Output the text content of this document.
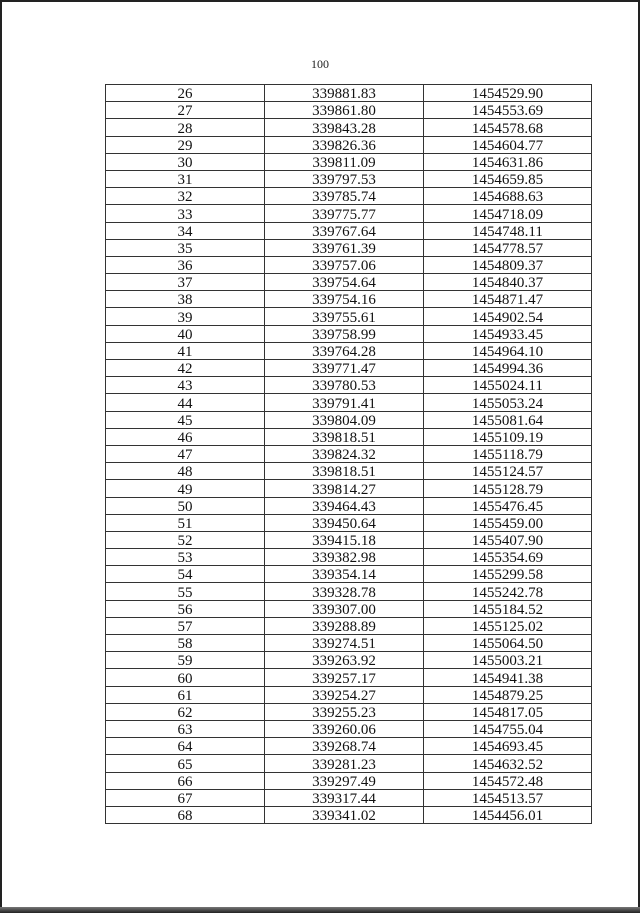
100
26	339881.83	1454529.90
27	339861.80	1454553.69
28	339843.28	1454578.68
29	339826.36	1454604.77
30	339811.09	1454631.86
31	339797.53	1454659.85
32	339785.74	1454688.63
33	339775.77	1454718.09
34	339767.64	1454748.11
35	339761.39	1454778.57
36	339757.06	1454809.37
37	339754.64	1454840.37
38	339754.16	1454871.47
39	339755.61	1454902.54
40	339758.99	1454933.45
41	339764.28	1454964.10
42	339771.47	1454994.36
43	339780.53	1455024.11
44	339791.41	1455053.24
45	339804.09	1455081.64
46	339818.51	1455109.19
47	339824.32	1455118.79
48	339818.51	1455124.57
49	339814.27	1455128.79
50	339464.43	1455476.45
51	339450.64	1455459.00
52	339415.18	1455407.90
53	339382.98	1455354.69
54	339354.14	1455299.58
55	339328.78	1455242.78
56	339307.00	1455184.52
57	339288.89	1455125.02
58	339274.51	1455064.50
59	339263.92	1455003.21
60	339257.17	1454941.38
61	339254.27	1454879.25
62	339255.23	1454817.05
63	339260.06	1454755.04
64	339268.74	1454693.45
65	339281.23	1454632.52
66	339297.49	1454572.48
67	339317.44	1454513.57
68	339341.02	1454456.01
